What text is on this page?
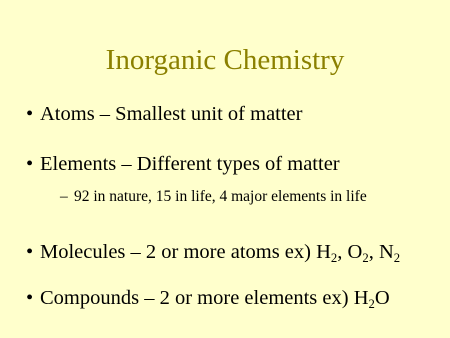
Inorganic Chemistry
• Atoms – Smallest unit of matter
• Elements – Different types of matter
– 92 in nature, 15 in life, 4 major elements in life
• Molecules – 2 or more atoms ex) $H_2$, $O_2$, $N_2$
• Compounds – 2 or more elements ex) $H_2O$
